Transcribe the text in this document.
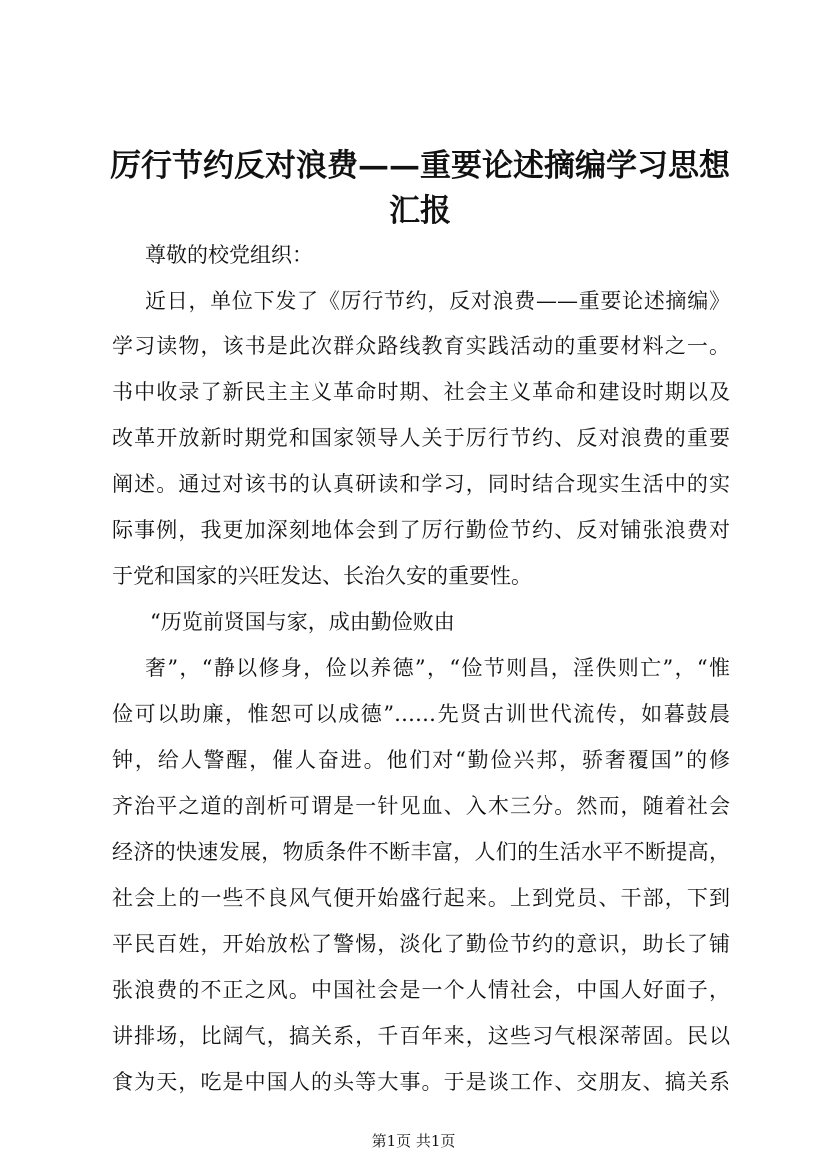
厉行节约反对浪费——重要论述摘编学习思想
汇报
尊敬的校党组织：
近日，单位下发了《厉行节约，反对浪费——重要论述摘编》
学习读物，该书是此次群众路线教育实践活动的重要材料之一。
书中收录了新民主主义革命时期、社会主义革命和建设时期以及
改革开放新时期党和国家领导人关于厉行节约、反对浪费的重要
阐述。通过对该书的认真研读和学习，同时结合现实生活中的实
际事例，我更加深刻地体会到了厉行勤俭节约、反对铺张浪费对
于党和国家的兴旺发达、长治久安的重要性。
“历览前贤国与家，成由勤俭败由
奢”，“静以修身，俭以养德”，“俭节则昌，淫佚则亡”，“惟
俭可以助廉，惟恕可以成德”……先贤古训世代流传，如暮鼓晨
钟，给人警醒，催人奋进。他们对“勤俭兴邦，骄奢覆国”的修
齐治平之道的剖析可谓是一针见血、入木三分。然而，随着社会
经济的快速发展，物质条件不断丰富，人们的生活水平不断提高，
社会上的一些不良风气便开始盛行起来。上到党员、干部，下到
平民百姓，开始放松了警惕，淡化了勤俭节约的意识，助长了铺
张浪费的不正之风。中国社会是一个人情社会，中国人好面子，
讲排场，比阔气，搞关系，千百年来，这些习气根深蒂固。民以
食为天，吃是中国人的头等大事。于是谈工作、交朋友、搞关系
第1页 共1页
